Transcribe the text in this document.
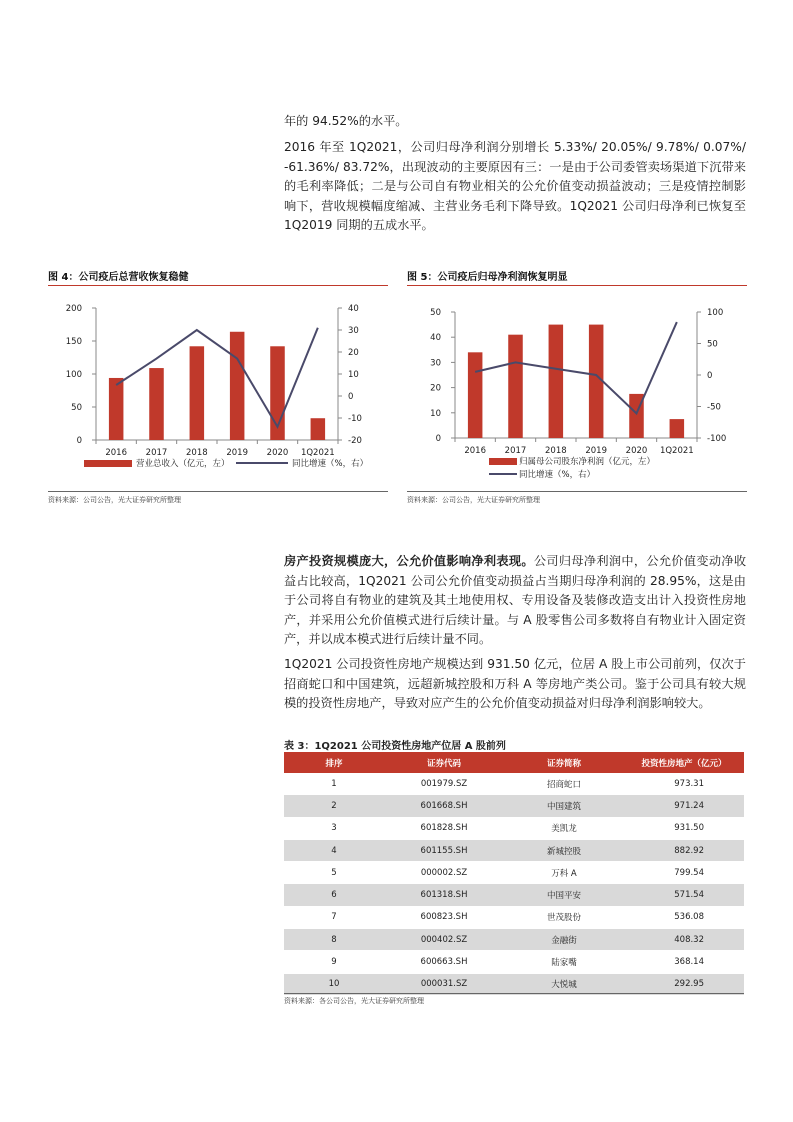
年的 94.52%的水平。

2016 年至 1Q2021，公司归母净利润分别增长 5.33%/ 20.05%/ 9.78%/ 0.07%/ -61.36%/ 83.72%，出现波动的主要原因有三：一是由于公司委管卖场渠道下沉带来的毛利率降低；二是与公司自有物业相关的公允价值变动损益波动；三是疫情控制影响下，营收规模幅度缩减、主营业务毛利下降导致。1Q2021 公司归母净利已恢复至 1Q2019 同期的五成水平。

图 4：公司疫后总营收恢复稳健
0
50
100
150
200
-20
-10
0
10
20
30
40
2016 2017 2018 2019 2020 1Q2021
营业总收入（亿元，左）	同比增速（%，右）
资料来源：公司公告，光大证券研究所整理
图 5：公司疫后归母净利润恢复明显
0
10
20
30
40
50
-100
-50
0
50
100
2016 2017 2018 2019 2020 1Q2021
归属母公司股东净利润（亿元，左）
同比增速（%，右）
资料来源：公司公告，光大证券研究所整理

房产投资规模庞大，公允价值影响净利表现。公司归母净利润中，公允价值变动净收益占比较高，1Q2021 公司公允价值变动损益占当期归母净利润的 28.95%，这是由于公司将自有物业的建筑及其土地使用权、专用设备及装修改造支出计入投资性房地产，并采用公允价值模式进行后续计量。与 A 股零售公司多数将自有物业计入固定资产，并以成本模式进行后续计量不同。

1Q2021 公司投资性房地产规模达到 931.50 亿元，位居 A 股上市公司前列，仅次于招商蛇口和中国建筑，远超新城控股和万科 A 等房地产类公司。鉴于公司具有较大规模的投资性房地产，导致对应产生的公允价值变动损益对归母净利润影响较大。

表 3：1Q2021 公司投资性房地产位居 A 股前列
排序	证券代码	证券简称	投资性房地产（亿元）
1	001979.SZ	招商蛇口	973.31
2	601668.SH	中国建筑	971.24
3	601828.SH	美凯龙	931.50
4	601155.SH	新城控股	882.92
5	000002.SZ	万科 A	799.54
6	601318.SH	中国平安	571.54
7	600823.SH	世茂股份	536.08
8	000402.SZ	金融街	408.32
9	600663.SH	陆家嘴	368.14
10	000031.SZ	大悦城	292.95
资料来源：各公司公告，光大证券研究所整理
